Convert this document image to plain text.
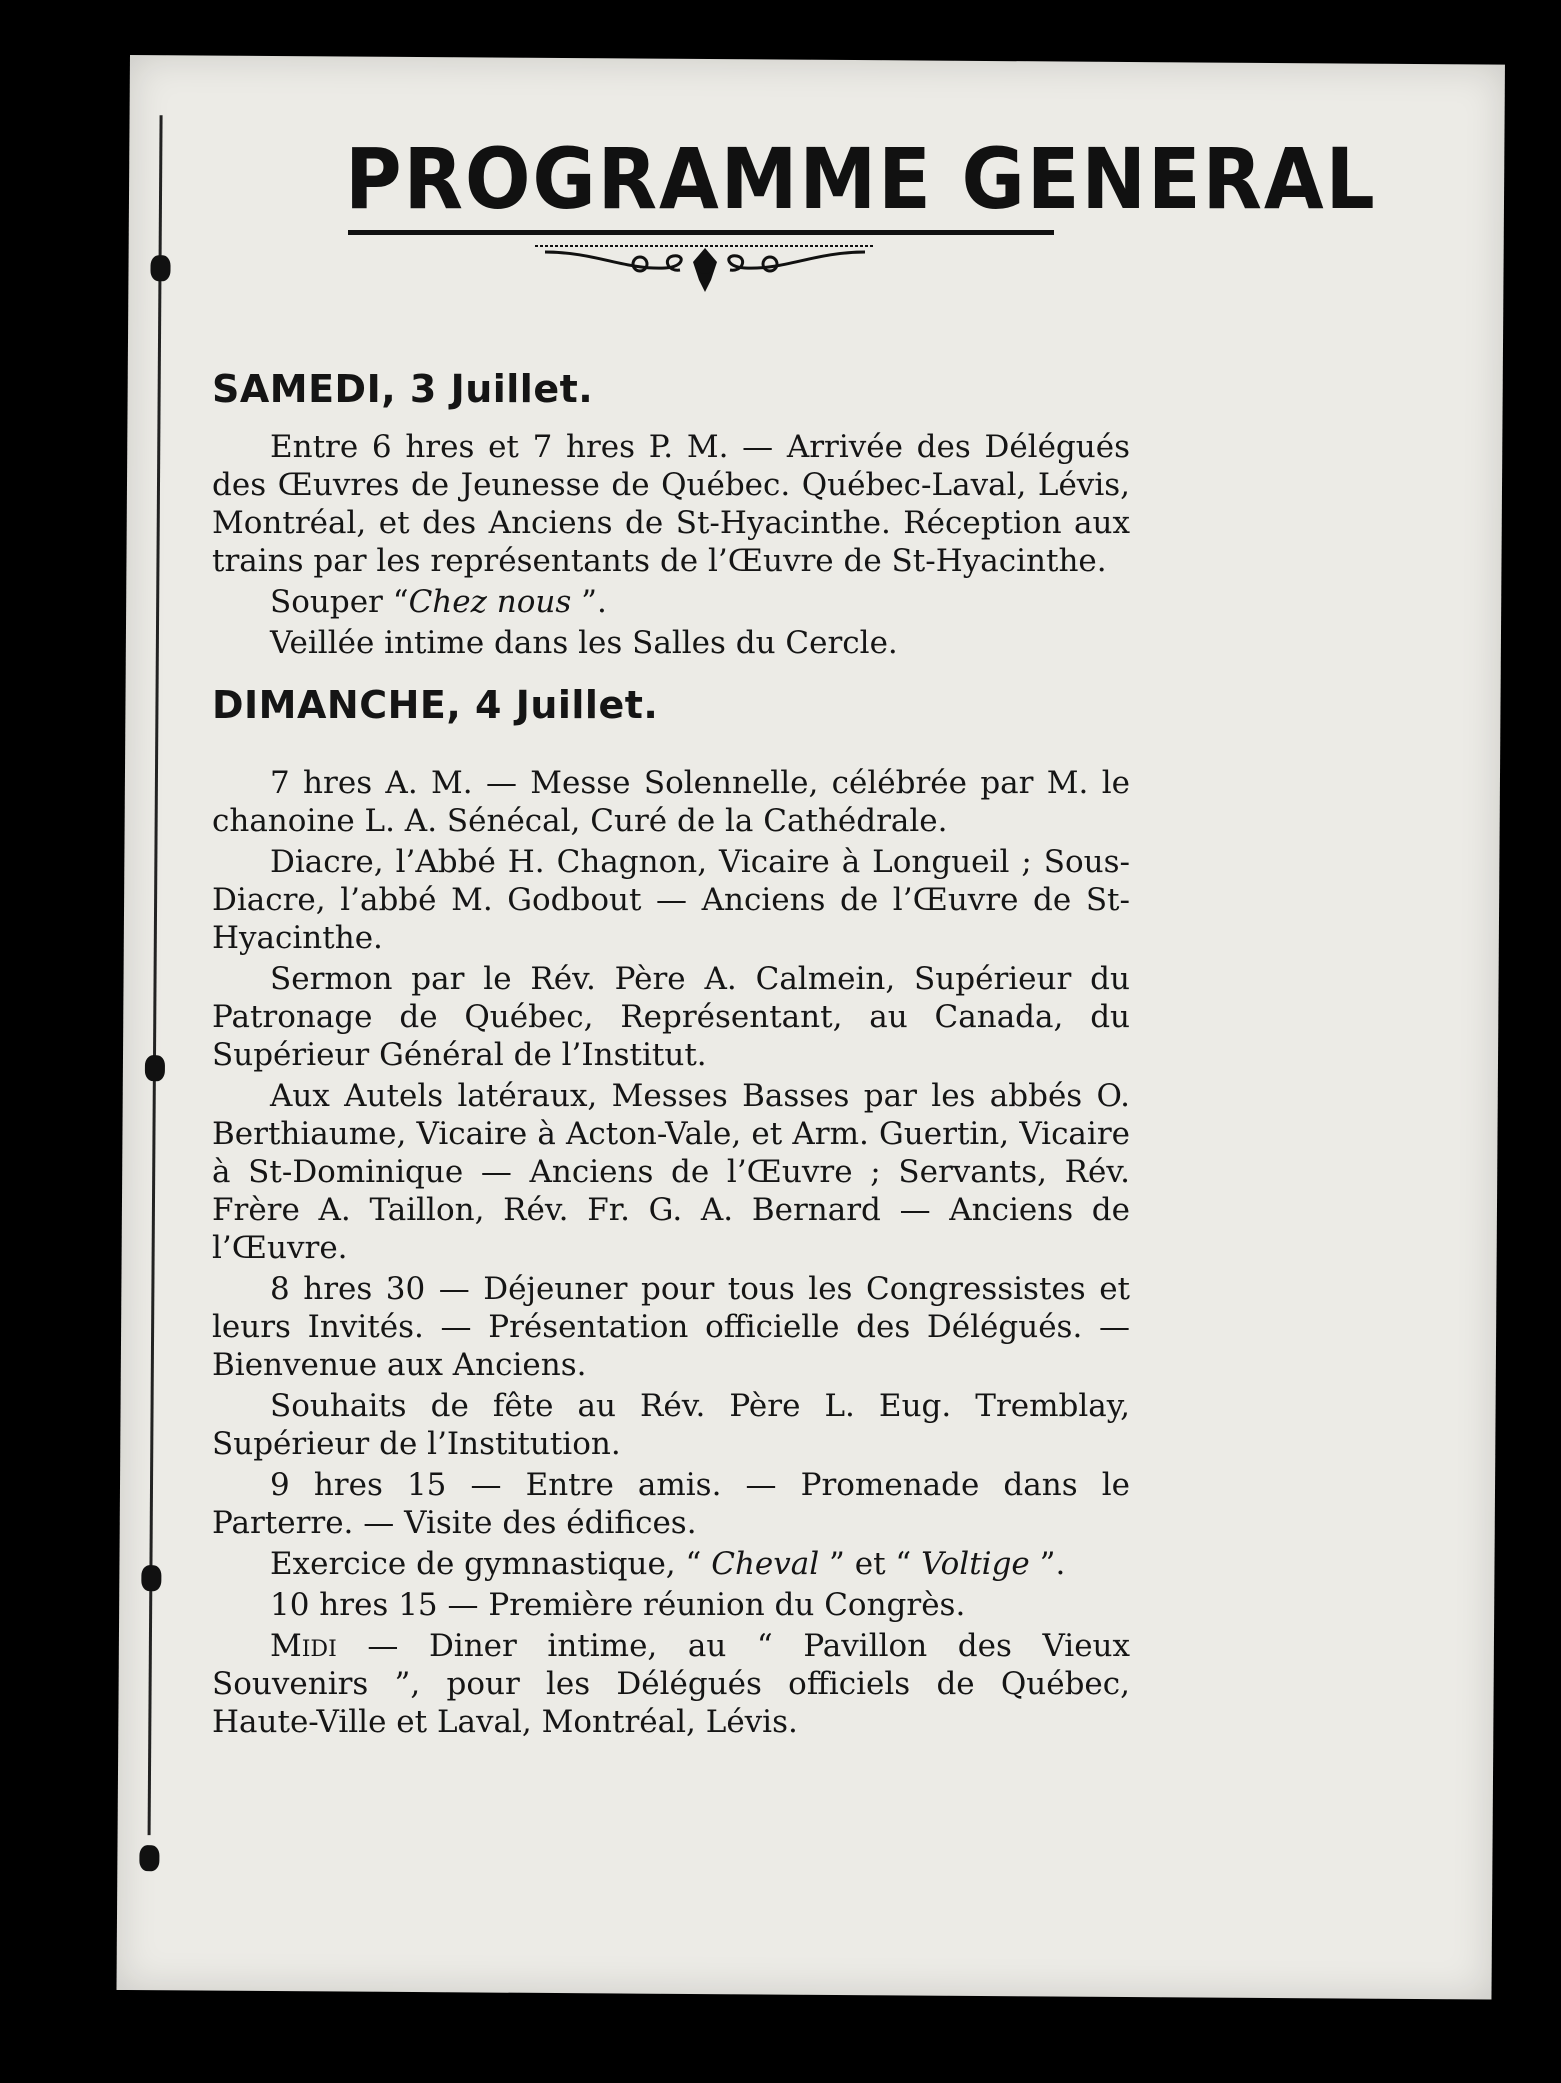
PROGRAMME GENERAL
SAMEDI, 3 Juillet.

Entre 6 hres et 7 hres P. M. — Arrivée des Délégués des Œuvres de Jeunesse de Québec. Québec-Laval, Lévis, Montréal, et des Anciens de St-Hyacinthe. Réception aux trains par les représentants de l’Œuvre de St-Hyacinthe.

Souper “Chez nous ”.

Veillée intime dans les Salles du Cercle.

DIMANCHE, 4 Juillet.

7 hres A. M. — Messe Solennelle, célébrée par M. le chanoine L. A. Sénécal, Curé de la Cathédrale.

Diacre, l’Abbé H. Chagnon, Vicaire à Longueil ; Sous-Diacre, l’abbé M. Godbout — Anciens de l’Œuvre de St-Hyacinthe.

Sermon par le Rév. Père A. Calmein, Supérieur du Patronage de Québec, Représentant, au Canada, du Supérieur Général de l’Institut.

Aux Autels latéraux, Messes Basses par les abbés O. Berthiaume, Vicaire à Acton-Vale, et Arm. Guertin, Vicaire à St-Dominique — Anciens de l’Œuvre ; Servants, Rév. Frère A. Taillon, Rév. Fr. G. A. Bernard — Anciens de l’Œuvre.

8 hres 30 — Déjeuner pour tous les Congressistes et leurs Invités. — Présentation officielle des Délégués. — Bienvenue aux Anciens.

Souhaits de fête au Rév. Père L. Eug. Tremblay, Supérieur de l’Institution.

9 hres 15 — Entre amis. — Promenade dans le Parterre. — Visite des édifices.

Exercice de gymnastique, “ Cheval ” et “ Voltige ”.

10 hres 15 — Première réunion du Congrès.

Midi — Diner intime, au “ Pavillon des Vieux Souvenirs ”, pour les Délégués officiels de Québec, Haute-Ville et Laval, Montréal, Lévis.
